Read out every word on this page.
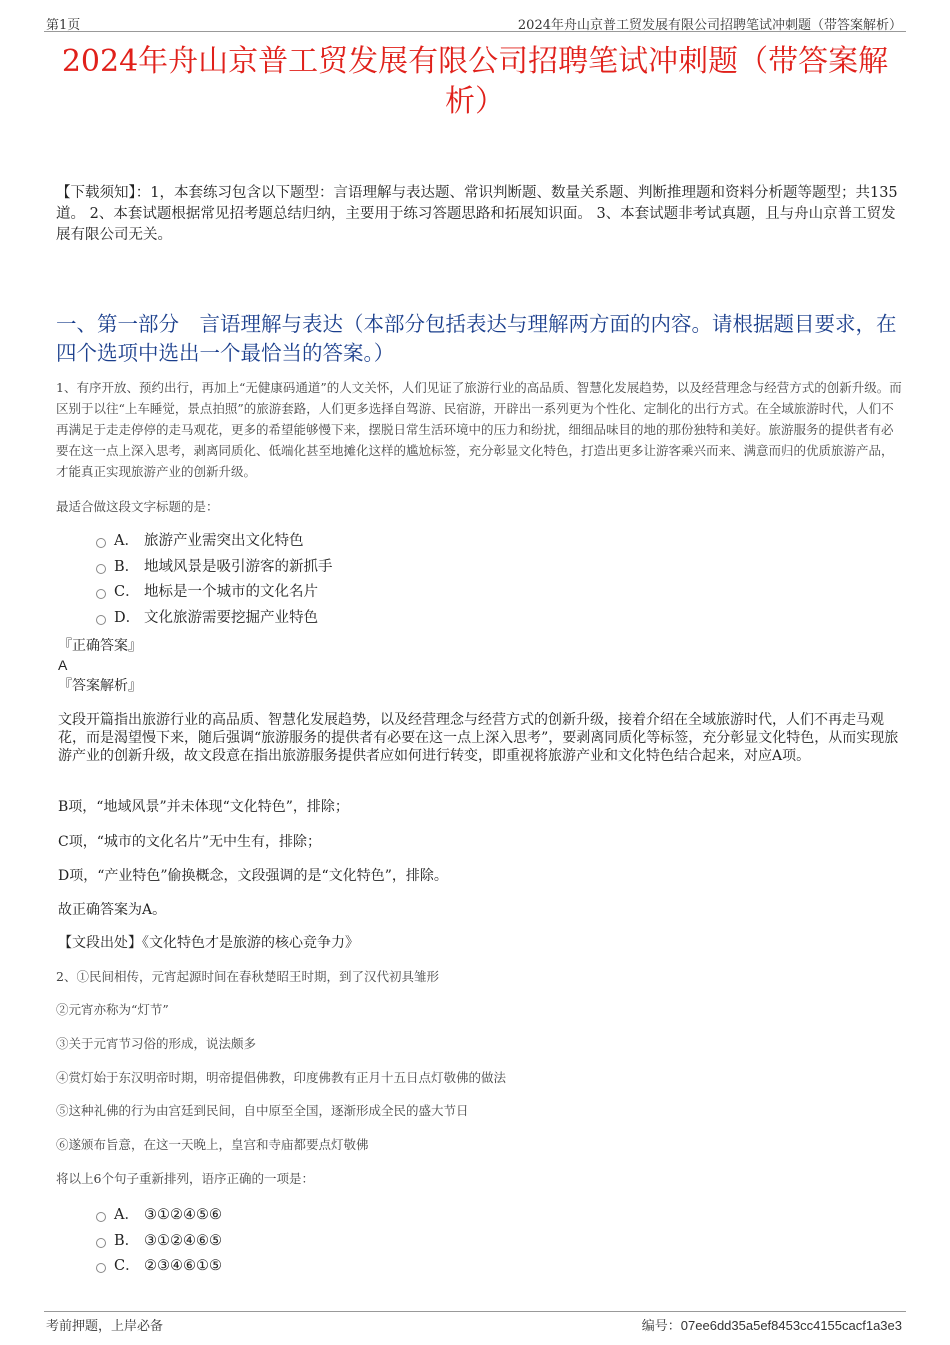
第1页	2024年舟山京普工贸发展有限公司招聘笔试冲刺题（带答案解析）
2024年舟山京普工贸发展有限公司招聘笔试冲刺题（带答案解析）
【下载须知】：1，本套练习包含以下题型：言语理解与表达题、常识判断题、数量关系题、判断推理题和资料分析题等题型；共135道。 2、本套试题根据常见招考题总结归纳，主要用于练习答题思路和拓展知识面。 3、本套试题非考试真题，且与舟山京普工贸发展有限公司无关。
一、第一部分　言语理解与表达（本部分包括表达与理解两方面的内容。请根据题目要求，在四个选项中选出一个最恰当的答案。）
1、有序开放、预约出行，再加上“无健康码通道”的人文关怀，人们见证了旅游行业的高品质、智慧化发展趋势，以及经营理念与经营方式的创新升级。而区别于以往“上车睡觉，景点拍照”的旅游套路，人们更多选择自驾游、民宿游，开辟出一系列更为个性化、定制化的出行方式。在全域旅游时代，人们不再满足于走走停停的走马观花，更多的希望能够慢下来，摆脱日常生活环境中的压力和纷扰，细细品味目的地的那份独特和美好。旅游服务的提供者有必要在这一点上深入思考，剥离同质化、低端化甚至地摊化这样的尴尬标签，充分彰显文化特色，打造出更多让游客乘兴而来、满意而归的优质旅游产品，才能真正实现旅游产业的创新升级。
最适合做这段文字标题的是：
A． 旅游产业需突出文化特色
B． 地域风景是吸引游客的新抓手
C． 地标是一个城市的文化名片
D． 文化旅游需要挖掘产业特色
『正确答案』
A
『答案解析』
文段开篇指出旅游行业的高品质、智慧化发展趋势，以及经营理念与经营方式的创新升级，接着介绍在全域旅游时代，人们不再走马观花，而是渴望慢下来，随后强调“旅游服务的提供者有必要在这一点上深入思考”，要剥离同质化等标签，充分彰显文化特色，从而实现旅游产业的创新升级，故文段意在指出旅游服务提供者应如何进行转变，即重视将旅游产业和文化特色结合起来，对应A项。
B项，“地域风景”并未体现“文化特色”，排除；
C项，“城市的文化名片”无中生有，排除；
D项，“产业特色”偷换概念，文段强调的是“文化特色”，排除。
故正确答案为A。
【文段出处】《文化特色才是旅游的核心竞争力》
2、①民间相传，元宵起源时间在春秋楚昭王时期，到了汉代初具雏形
②元宵亦称为“灯节”
③关于元宵节习俗的形成，说法颇多
④赏灯始于东汉明帝时期，明帝提倡佛教，印度佛教有正月十五日点灯敬佛的做法
⑤这种礼佛的行为由宫廷到民间，自中原至全国，逐渐形成全民的盛大节日
⑥遂颁布旨意，在这一天晚上，皇宫和寺庙都要点灯敬佛
将以上6个句子重新排列，语序正确的一项是：
A． ③①②④⑤⑥
B． ③①②④⑥⑤
C． ②③④⑥①⑤
考前押题，上岸必备	编号：07ee6dd35a5ef8453cc4155cacf1a3e3
